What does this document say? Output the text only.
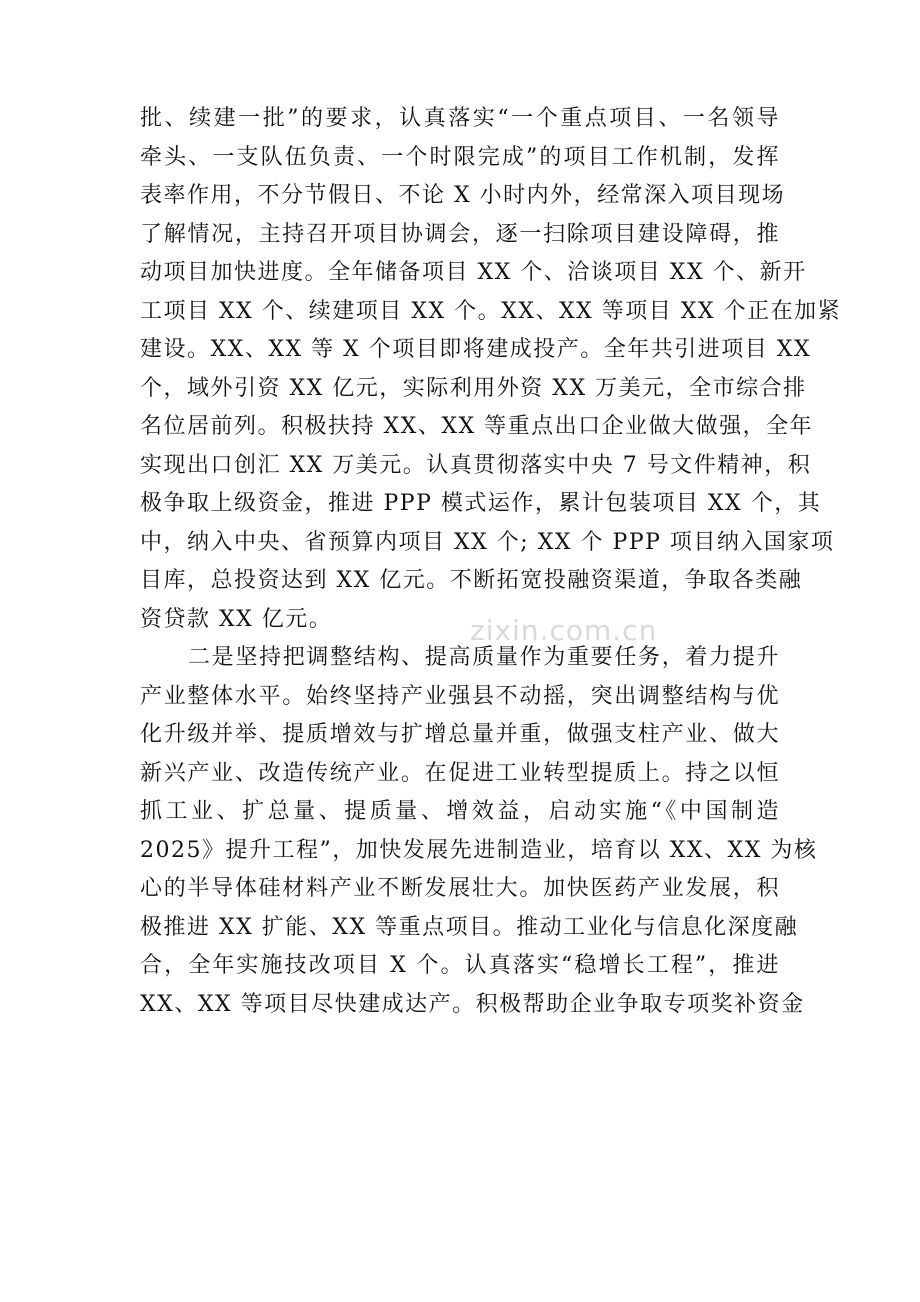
批、续建一批”的要求，认真落实“一个重点项目、一名领导
牵头、一支队伍负责、一个时限完成”的项目工作机制，发挥
表率作用，不分节假日、不论 X 小时内外，经常深入项目现场
了解情况，主持召开项目协调会，逐一扫除项目建设障碍，推
动项目加快进度。全年储备项目 XX 个、洽谈项目 XX 个、新开
工项目 XX 个、续建项目 XX 个。XX、XX 等项目 XX 个正在加紧
建设。XX、XX 等 X 个项目即将建成投产。全年共引进项目 XX
个，域外引资 XX 亿元，实际利用外资 XX 万美元，全市综合排
名位居前列。积极扶持 XX、XX 等重点出口企业做大做强，全年
实现出口创汇 XX 万美元。认真贯彻落实中央 7 号文件精神，积
极争取上级资金，推进 PPP 模式运作，累计包装项目 XX 个，其
中，纳入中央、省预算内项目 XX 个; XX 个 PPP 项目纳入国家项
目库，总投资达到 XX 亿元。不断拓宽投融资渠道，争取各类融
资贷款 XX 亿元。
二是坚持把调整结构、提高质量作为重要任务，着力提升
产业整体水平。始终坚持产业强县不动摇，突出调整结构与优
化升级并举、提质增效与扩增总量并重，做强支柱产业、做大
新兴产业、改造传统产业。在促进工业转型提质上。持之以恒
抓工业、扩总量、提质量、增效益，启动实施“《中国制造
2025》提升工程”，加快发展先进制造业，培育以 XX、XX 为核
心的半导体硅材料产业不断发展壮大。加快医药产业发展，积
极推进 XX 扩能、XX 等重点项目。推动工业化与信息化深度融
合，全年实施技改项目 X 个。认真落实“稳增长工程”，推进
XX、XX 等项目尽快建成达产。积极帮助企业争取专项奖补资金
zixin.com.cn
